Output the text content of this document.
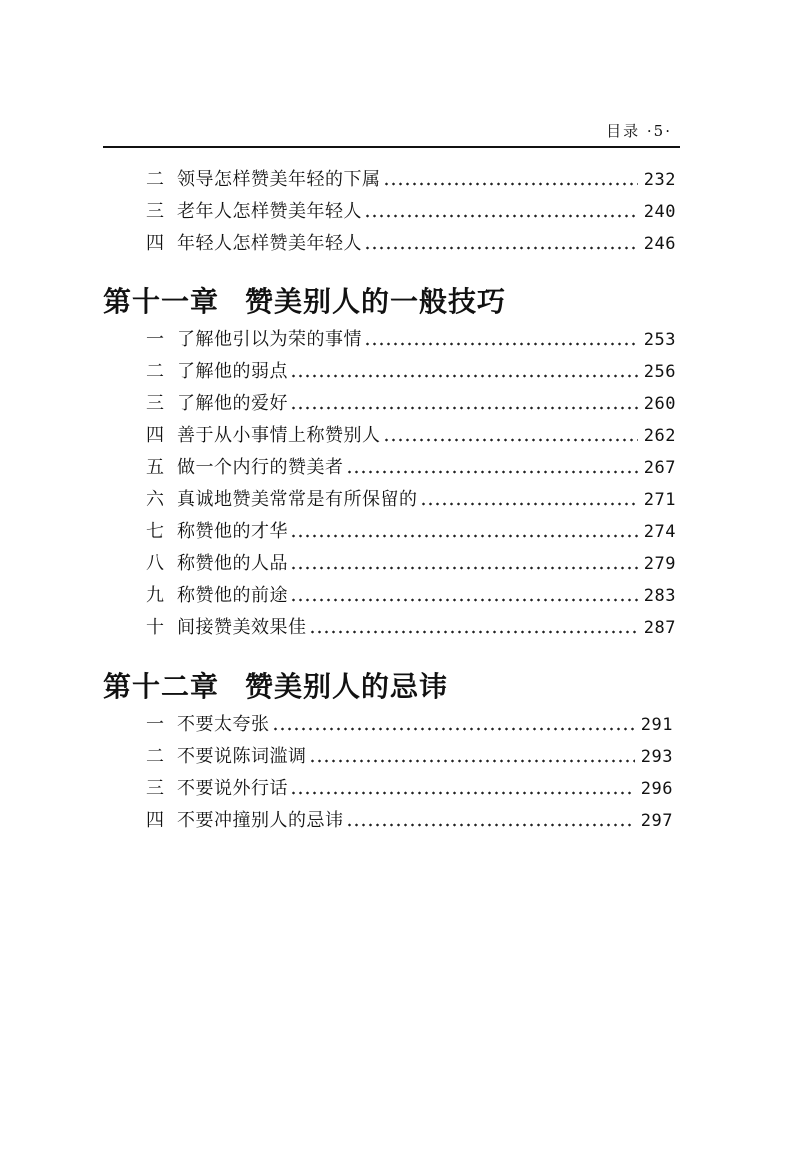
目录 ·5·
二 领导怎样赞美年轻的下属	232
三 老年人怎样赞美年轻人	240
四 年轻人怎样赞美年轻人	246
第十一章 赞美别人的一般技巧
一 了解他引以为荣的事情	253
二 了解他的弱点	256
三 了解他的爱好	260
四 善于从小事情上称赞别人	262
五 做一个内行的赞美者	267
六 真诚地赞美常常是有所保留的	271
七 称赞他的才华	274
八 称赞他的人品	279
九 称赞他的前途	283
十 间接赞美效果佳	287
第十二章 赞美别人的忌讳
一 不要太夸张	291
二 不要说陈词滥调	293
三 不要说外行话	296
四 不要冲撞别人的忌讳	297
